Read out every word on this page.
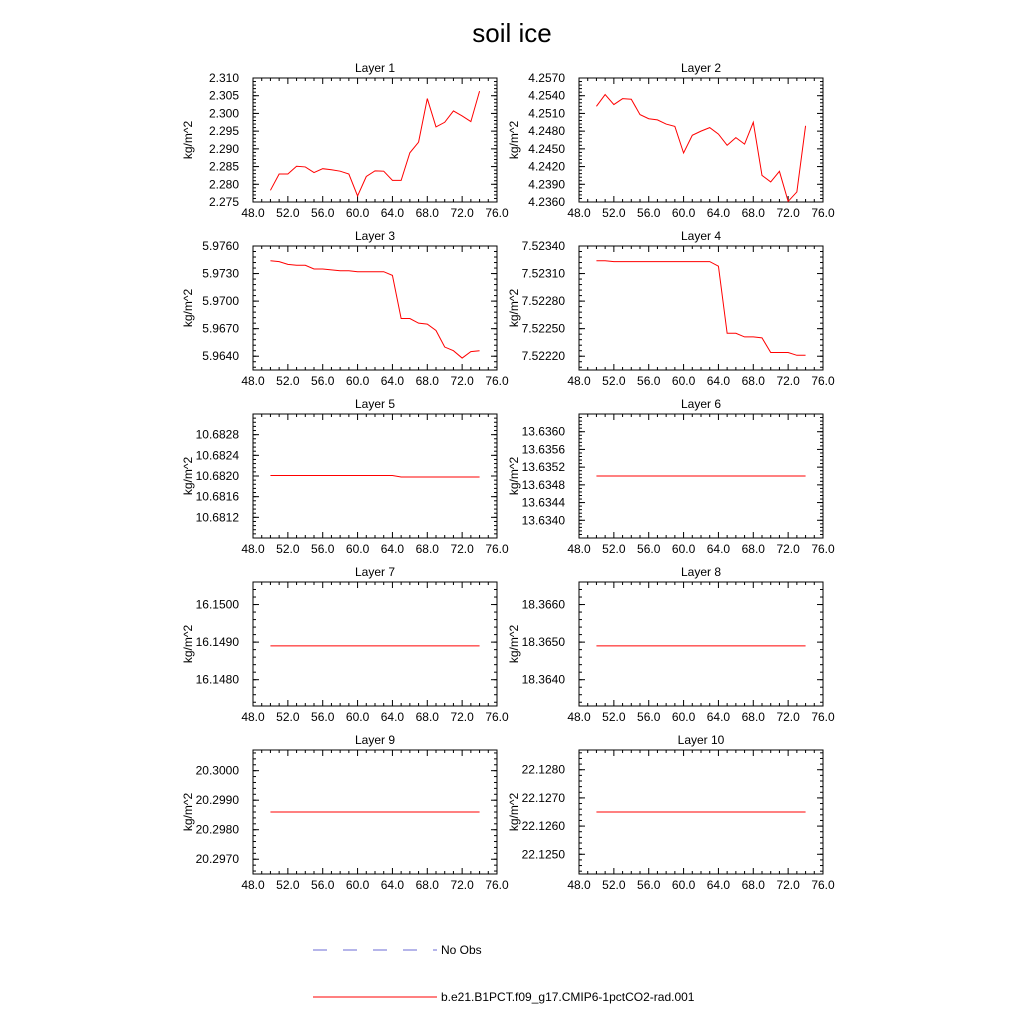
soil ice
Layer 1
kg/m^2
48.0 52.0 56.0 60.0 64.0 68.0 72.0 76.0
2.275
2.280
2.285
2.290
2.295
2.300
2.305
2.310
Layer 2
kg/m^2
48.0 52.0 56.0 60.0 64.0 68.0 72.0 76.0
4.2360
4.2390
4.2420
4.2450
4.2480
4.2510
4.2540
4.2570
Layer 3
kg/m^2
48.0 52.0 56.0 60.0 64.0 68.0 72.0 76.0
5.9640
5.9670
5.9700
5.9730
5.9760
Layer 4
kg/m^2
48.0 52.0 56.0 60.0 64.0 68.0 72.0 76.0
7.52220
7.52250
7.52280
7.52310
7.52340
Layer 5
kg/m^2
48.0 52.0 56.0 60.0 64.0 68.0 72.0 76.0
10.6812
10.6816
10.6820
10.6824
10.6828
Layer 6
kg/m^2
48.0 52.0 56.0 60.0 64.0 68.0 72.0 76.0
13.6340
13.6344
13.6348
13.6352
13.6356
13.6360
Layer 7
kg/m^2
48.0 52.0 56.0 60.0 64.0 68.0 72.0 76.0
16.1480
16.1490
16.1500
Layer 8
kg/m^2
48.0 52.0 56.0 60.0 64.0 68.0 72.0 76.0
18.3640
18.3650
18.3660
Layer 9
kg/m^2
48.0 52.0 56.0 60.0 64.0 68.0 72.0 76.0
20.2970
20.2980
20.2990
20.3000
Layer 10
kg/m^2
48.0 52.0 56.0 60.0 64.0 68.0 72.0 76.0
22.1250
22.1260
22.1270
22.1280
No Obs
b.e21.B1PCT.f09_g17.CMIP6-1pctCO2-rad.001
